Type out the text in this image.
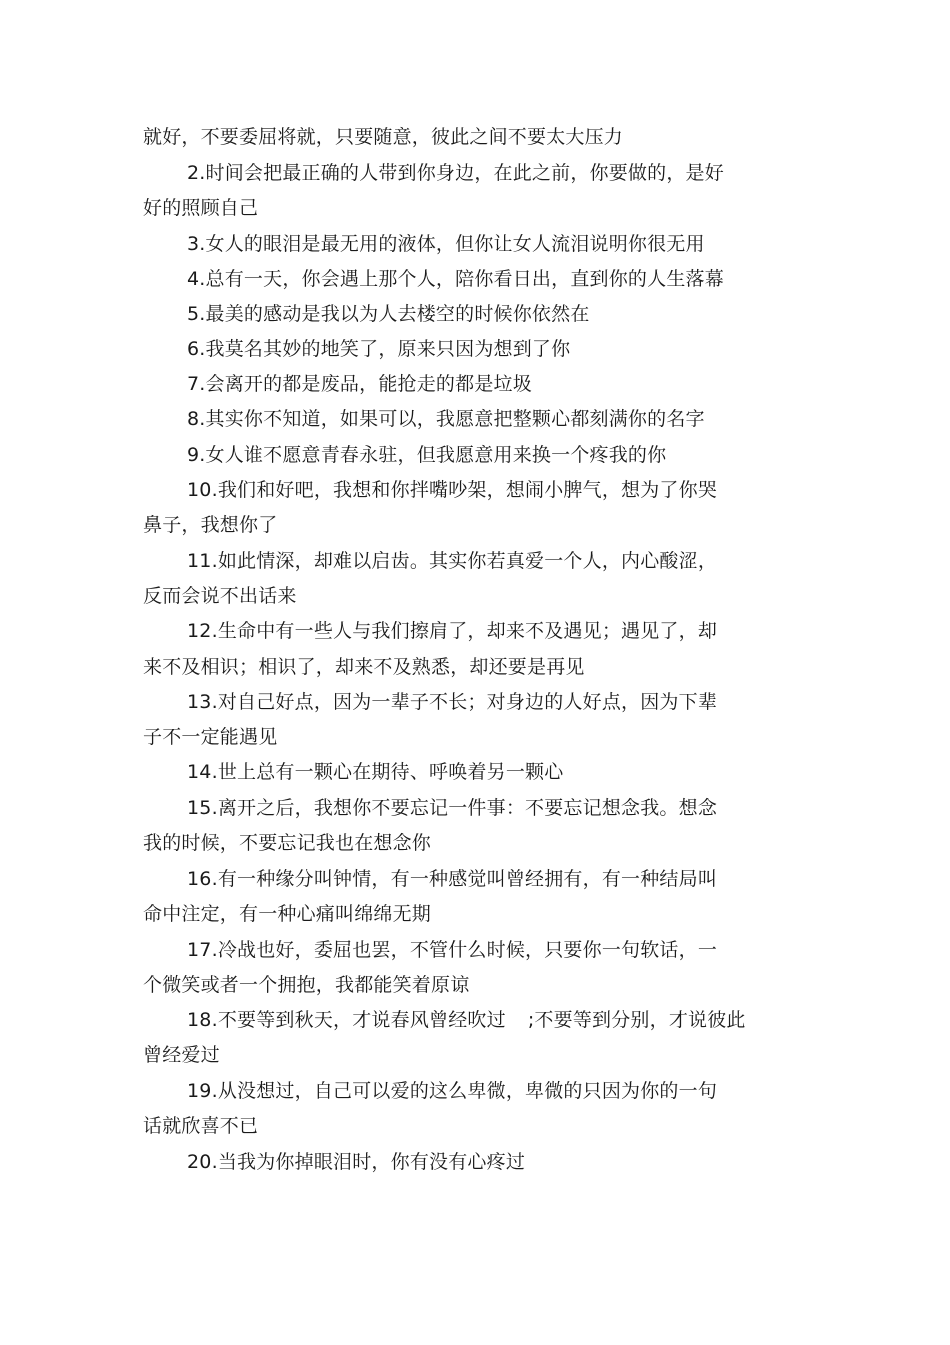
就好，不要委屈将就，只要随意，彼此之间不要太大压力
2.时间会把最正确的人带到你身边，在此之前，你要做的，是好
好的照顾自己
3.女人的眼泪是最无用的液体，但你让女人流泪说明你很无用
4.总有一天，你会遇上那个人，陪你看日出，直到你的人生落幕
5.最美的感动是我以为人去楼空的时候你依然在
6.我莫名其妙的地笑了，原来只因为想到了你
7.会离开的都是废品，能抢走的都是垃圾
8.其实你不知道，如果可以，我愿意把整颗心都刻满你的名字
9.女人谁不愿意青春永驻，但我愿意用来换一个疼我的你
10.我们和好吧，我想和你拌嘴吵架，想闹小脾气，想为了你哭
鼻子，我想你了
11.如此情深，却难以启齿。其实你若真爱一个人，内心酸涩，
反而会说不出话来
12.生命中有一些人与我们擦肩了，却来不及遇见；遇见了，却
来不及相识；相识了，却来不及熟悉，却还要是再见
13.对自己好点，因为一辈子不长；对身边的人好点，因为下辈
子不一定能遇见
14.世上总有一颗心在期待、呼唤着另一颗心
15.离开之后，我想你不要忘记一件事：不要忘记想念我。想念
我的时候，不要忘记我也在想念你
16.有一种缘分叫钟情，有一种感觉叫曾经拥有，有一种结局叫
命中注定，有一种心痛叫绵绵无期
17.冷战也好，委屈也罢，不管什么时候，只要你一句软话，一
个微笑或者一个拥抱，我都能笑着原谅
18.不要等到秋天，才说春风曾经吹过 ;不要等到分别，才说彼此
曾经爱过
19.从没想过，自己可以爱的这么卑微，卑微的只因为你的一句
话就欣喜不已
20.当我为你掉眼泪时，你有没有心疼过
